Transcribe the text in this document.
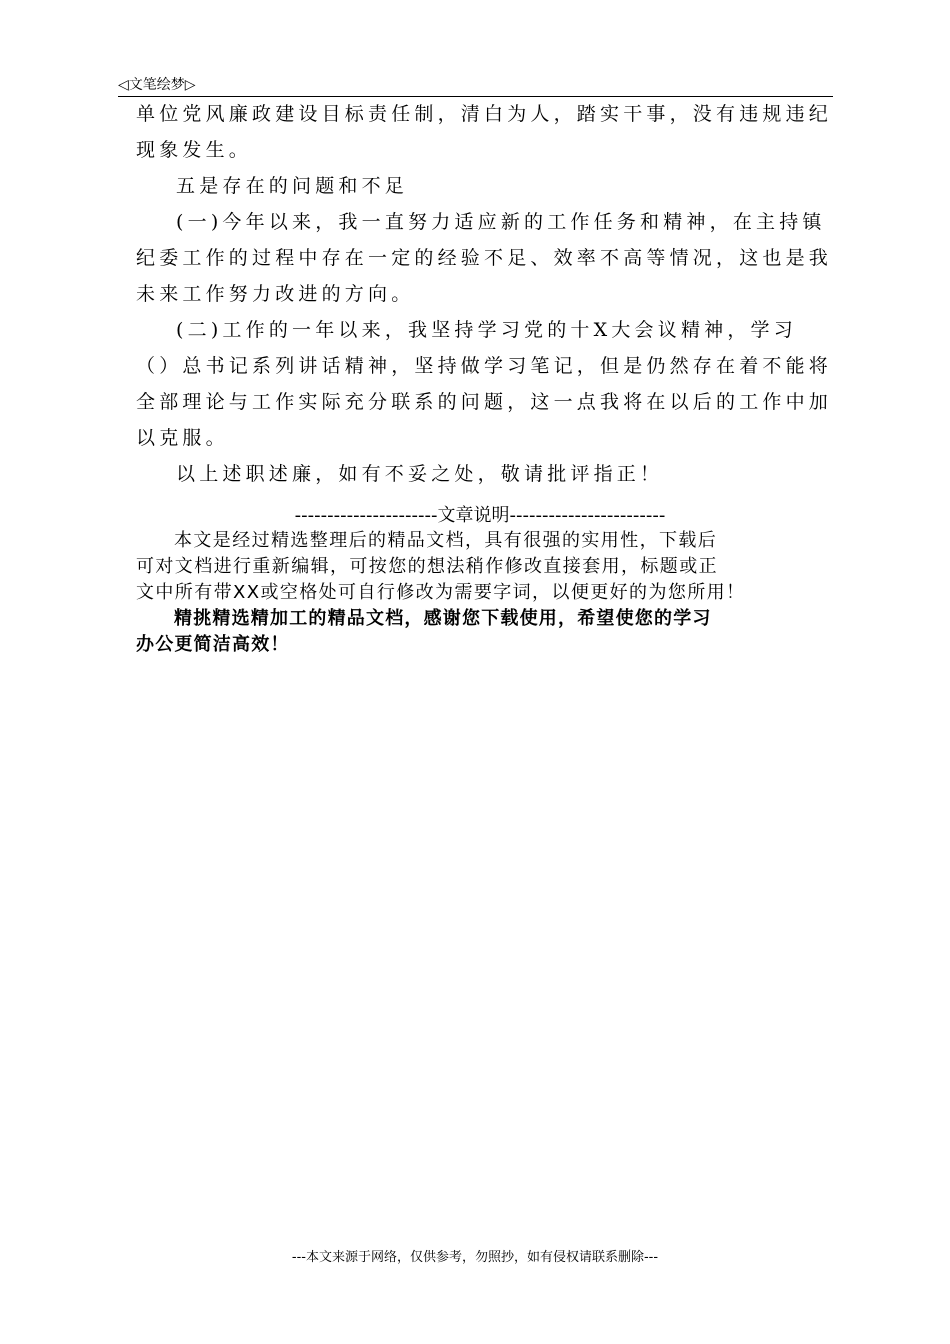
◁文笔绘梦▷
单位党风廉政建设目标责任制，清白为人，踏实干事，没有违规违纪
现象发生。
五是存在的问题和不足
(一)今年以来，我一直努力适应新的工作任务和精神，在主持镇
纪委工作的过程中存在一定的经验不足、效率不高等情况，这也是我
未来工作努力改进的方向。
(二)工作的一年以来，我坚持学习党的十X大会议精神，学习
（）总书记系列讲话精神，坚持做学习笔记，但是仍然存在着不能将
全部理论与工作实际充分联系的问题，这一点我将在以后的工作中加
以克服。
以上述职述廉，如有不妥之处，敬请批评指正！
----------------------文章说明------------------------
本文是经过精选整理后的精品文档，具有很强的实用性，下载后
可对文档进行重新编辑，可按您的想法稍作修改直接套用，标题或正
文中所有带XX或空格处可自行修改为需要字词，以便更好的为您所用！
精挑精选精加工的精品文档，感谢您下载使用，希望使您的学习
办公更简洁高效！
---本文来源于网络，仅供参考，勿照抄，如有侵权请联系删除---
